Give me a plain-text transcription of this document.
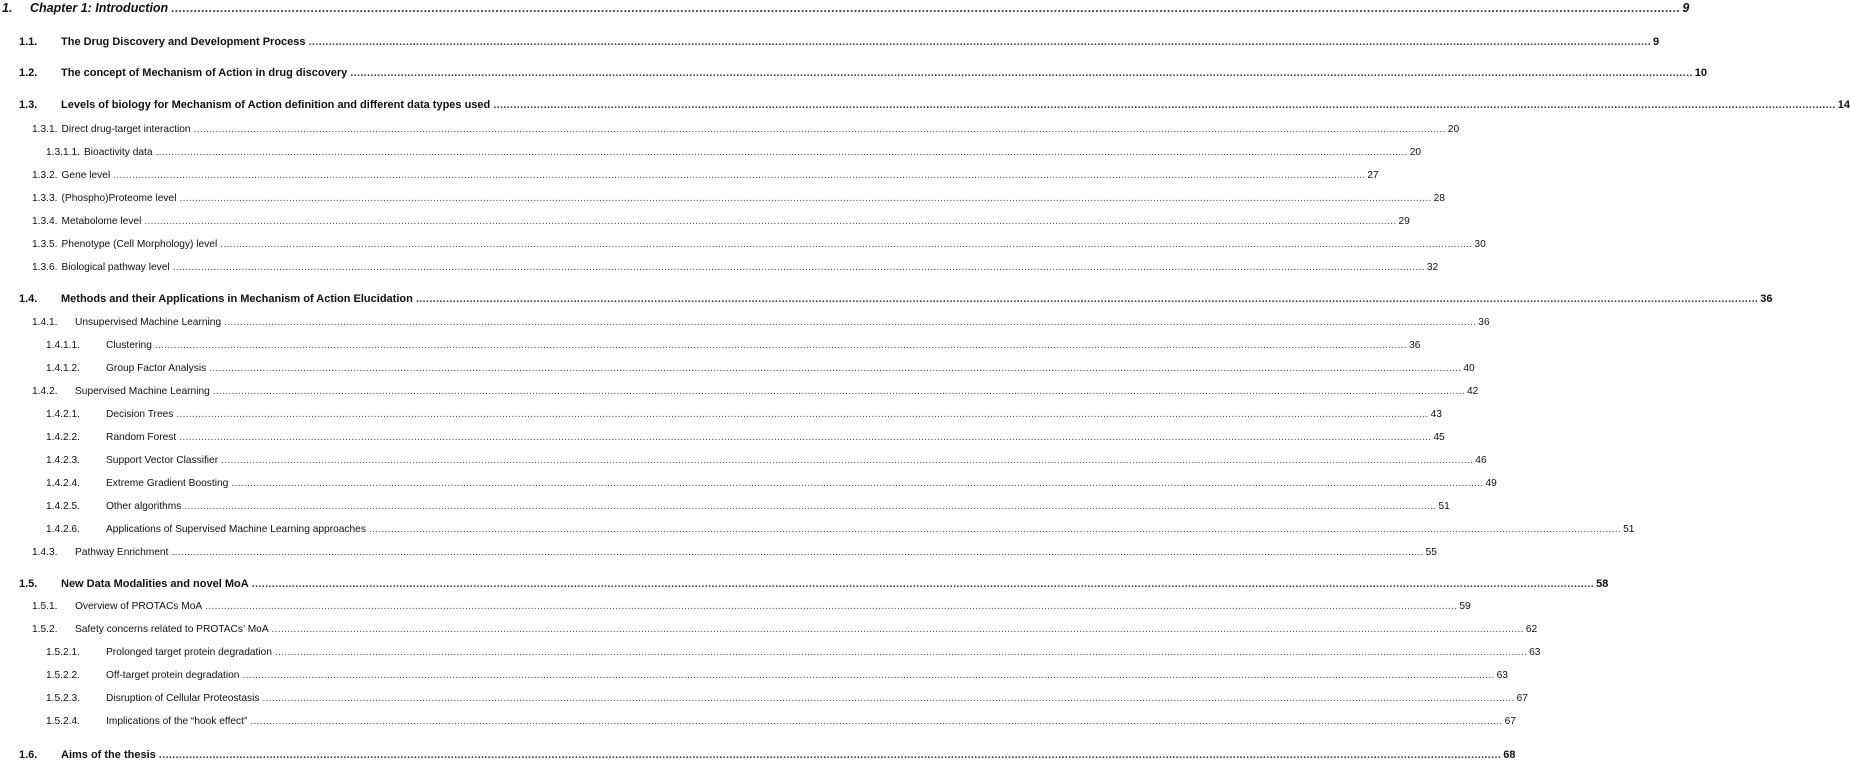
1.	Chapter 1: Introduction ................................................................................................................................................................................................................................................................................................................................................................................................................ 9
1.1.	The Drug Discovery and Development Process ................................................................................................................................................................................................................................................................................................................................................................................................................ 9
1.2.	The concept of Mechanism of Action in drug discovery ................................................................................................................................................................................................................................................................................................................................................................................................................ 10
1.3.	Levels of biology for Mechanism of Action definition and different data types used ................................................................................................................................................................................................................................................................................................................................................................................................................ 14
1.3.1. Direct drug-target interaction ................................................................................................................................................................................................................................................................................................................................................................................................................ 20
1.3.1.1. Bioactivity data ................................................................................................................................................................................................................................................................................................................................................................................................................ 20
1.3.2. Gene level ................................................................................................................................................................................................................................................................................................................................................................................................................ 27
1.3.3. (Phospho)Proteome level ................................................................................................................................................................................................................................................................................................................................................................................................................ 28
1.3.4. Metabolome level ................................................................................................................................................................................................................................................................................................................................................................................................................ 29
1.3.5. Phenotype (Cell Morphology) level ................................................................................................................................................................................................................................................................................................................................................................................................................ 30
1.3.6. Biological pathway level ................................................................................................................................................................................................................................................................................................................................................................................................................ 32
1.4.	Methods and their Applications in Mechanism of Action Elucidation ................................................................................................................................................................................................................................................................................................................................................................................................................ 36
1.4.1.	Unsupervised Machine Learning ................................................................................................................................................................................................................................................................................................................................................................................................................ 36
1.4.1.1.	Clustering ................................................................................................................................................................................................................................................................................................................................................................................................................ 36
1.4.1.2.	Group Factor Analysis ................................................................................................................................................................................................................................................................................................................................................................................................................ 40
1.4.2.	Supervised Machine Learning ................................................................................................................................................................................................................................................................................................................................................................................................................ 42
1.4.2.1.	Decision Trees ................................................................................................................................................................................................................................................................................................................................................................................................................ 43
1.4.2.2.	Random Forest ................................................................................................................................................................................................................................................................................................................................................................................................................ 45
1.4.2.3.	Support Vector Classifier ................................................................................................................................................................................................................................................................................................................................................................................................................ 46
1.4.2.4.	Extreme Gradient Boosting ................................................................................................................................................................................................................................................................................................................................................................................................................ 49
1.4.2.5.	Other algorithms ................................................................................................................................................................................................................................................................................................................................................................................................................ 51
1.4.2.6.	Applications of Supervised Machine Learning approaches ................................................................................................................................................................................................................................................................................................................................................................................................................ 51
1.4.3.	Pathway Enrichment ................................................................................................................................................................................................................................................................................................................................................................................................................ 55
1.5.	New Data Modalities and novel MoA ................................................................................................................................................................................................................................................................................................................................................................................................................ 58
1.5.1.	Overview of PROTACs MoA ................................................................................................................................................................................................................................................................................................................................................................................................................ 59
1.5.2.	Safety concerns related to PROTACs’ MoA ................................................................................................................................................................................................................................................................................................................................................................................................................ 62
1.5.2.1.	Prolonged target protein degradation ................................................................................................................................................................................................................................................................................................................................................................................................................ 63
1.5.2.2.	Off-target protein degradation ................................................................................................................................................................................................................................................................................................................................................................................................................ 63
1.5.2.3.	Disruption of Cellular Proteostasis ................................................................................................................................................................................................................................................................................................................................................................................................................ 67
1.5.2.4.	Implications of the “hook effect” ................................................................................................................................................................................................................................................................................................................................................................................................................ 67
1.6.	Aims of the thesis ................................................................................................................................................................................................................................................................................................................................................................................................................ 68
